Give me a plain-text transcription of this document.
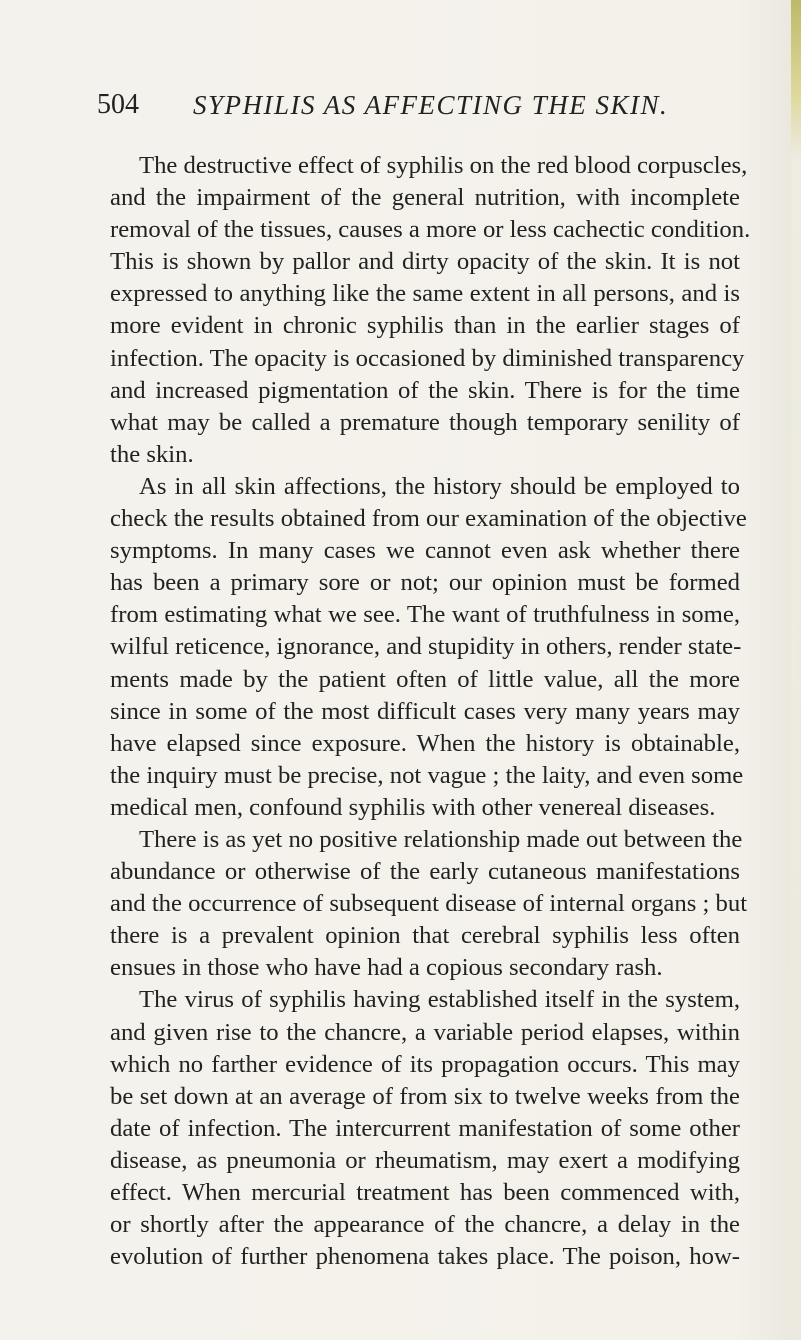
504 SYPHILIS AS AFFECTING THE SKIN.
The destructive effect of syphilis on the red blood corpuscles,
and the impairment of the general nutrition, with incomplete
removal of the tissues, causes a more or less cachectic condition.
This is shown by pallor and dirty opacity of the skin. It is not
expressed to anything like the same extent in all persons, and is
more evident in chronic syphilis than in the earlier stages of
infection. The opacity is occasioned by diminished transparency
and increased pigmentation of the skin. There is for the time
what may be called a premature though temporary senility of
the skin.
As in all skin affections, the history should be employed to
check the results obtained from our examination of the objective
symptoms. In many cases we cannot even ask whether there
has been a primary sore or not; our opinion must be formed
from estimating what we see. The want of truthfulness in some,
wilful reticence, ignorance, and stupidity in others, render state-
ments made by the patient often of little value, all the more
since in some of the most difficult cases very many years may
have elapsed since exposure. When the history is obtainable,
the inquiry must be precise, not vague ; the laity, and even some
medical men, confound syphilis with other venereal diseases.
There is as yet no positive relationship made out between the
abundance or otherwise of the early cutaneous manifestations
and the occurrence of subsequent disease of internal organs ; but
there is a prevalent opinion that cerebral syphilis less often
ensues in those who have had a copious secondary rash.
The virus of syphilis having established itself in the system,
and given rise to the chancre, a variable period elapses, within
which no farther evidence of its propagation occurs. This may
be set down at an average of from six to twelve weeks from the
date of infection. The intercurrent manifestation of some other
disease, as pneumonia or rheumatism, may exert a modifying
effect. When mercurial treatment has been commenced with,
or shortly after the appearance of the chancre, a delay in the
evolution of further phenomena takes place. The poison, how-
